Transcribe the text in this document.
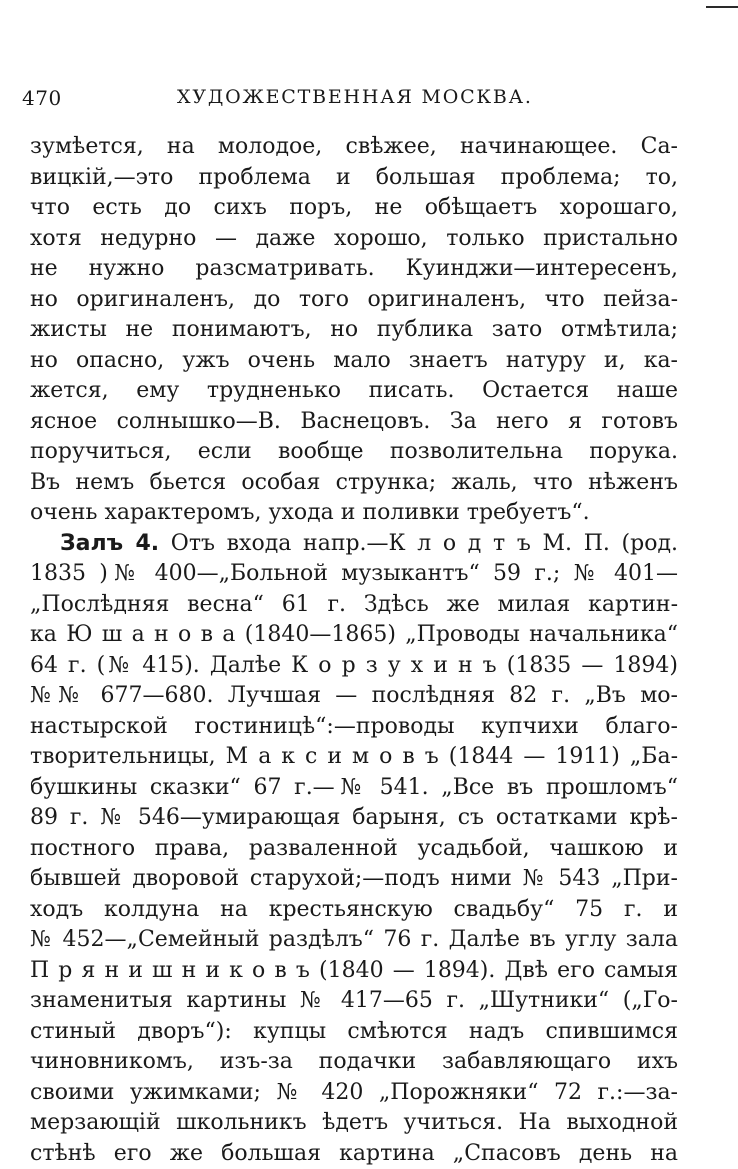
470	ХУДОЖЕСТВЕННАЯ МОСКВА.
зумѣется, на молодое, свѣжее, начинающее. Са-
вицкій,—это проблема и большая проблема; то,
что есть до сихъ поръ, не обѣщаетъ хорошаго,
хотя недурно — даже хорошо, только пристально
не нужно разсматривать. Куинджи—интересенъ,
но оригиналенъ, до того оригиналенъ, что пейза-
жисты не понимаютъ, но публика зато отмѣтила;
но опасно, ужъ очень мало знаетъ натуру и, ка-
жется, ему трудненько писать. Остается наше
ясное солнышко—В. Васнецовъ. За него я готовъ
поручиться, если вообще позволительна порука.
Въ немъ бьется особая струнка; жаль, что нѣженъ
очень характеромъ, ухода и поливки требуетъ“.
Залъ 4. Отъ входа напр.—К л о д т ъ М. П. (род.
1835 )№ 400—„Больной музыкантъ“ 59 г.; № 401—
„Послѣдняя весна“ 61 г. Здѣсь же милая картин-
ка Ю ш а н о в а (1840—1865) „Проводы начальника“
64 г. (№ 415). Далѣе К о р з у х и н ъ (1835 — 1894)
№№ 677—680. Лучшая — послѣдняя 82 г. „Въ мо-
настырской гостиницѣ“:—проводы купчихи благо-
творительницы, М а к с и м о в ъ (1844 — 1911) „Ба-
бушкины сказки“ 67 г.—№ 541. „Все въ прошломъ“
89 г. № 546—умирающая барыня, съ остатками крѣ-
постного права, разваленной усадьбой, чашкою и
бывшей дворовой старухой;—подъ ними № 543 „При-
ходъ колдуна на крестьянскую свадьбу“ 75 г. и
№ 452—„Семейный раздѣлъ“ 76 г. Далѣе въ углу зала
П р я н и ш н и к о в ъ (1840 — 1894). Двѣ его самыя
знаменитыя картины № 417—65 г. „Шутники“ („Го-
стиный дворъ“): купцы смѣются надъ спившимся
чиновникомъ, изъ-за подачки забавляющаго ихъ
своими ужимками; № 420 „Порожняки“ 72 г.:—за-
мерзающій школьникъ ѣдетъ учиться. На выходной
стѣнѣ его же большая картина „Спасовъ день на
